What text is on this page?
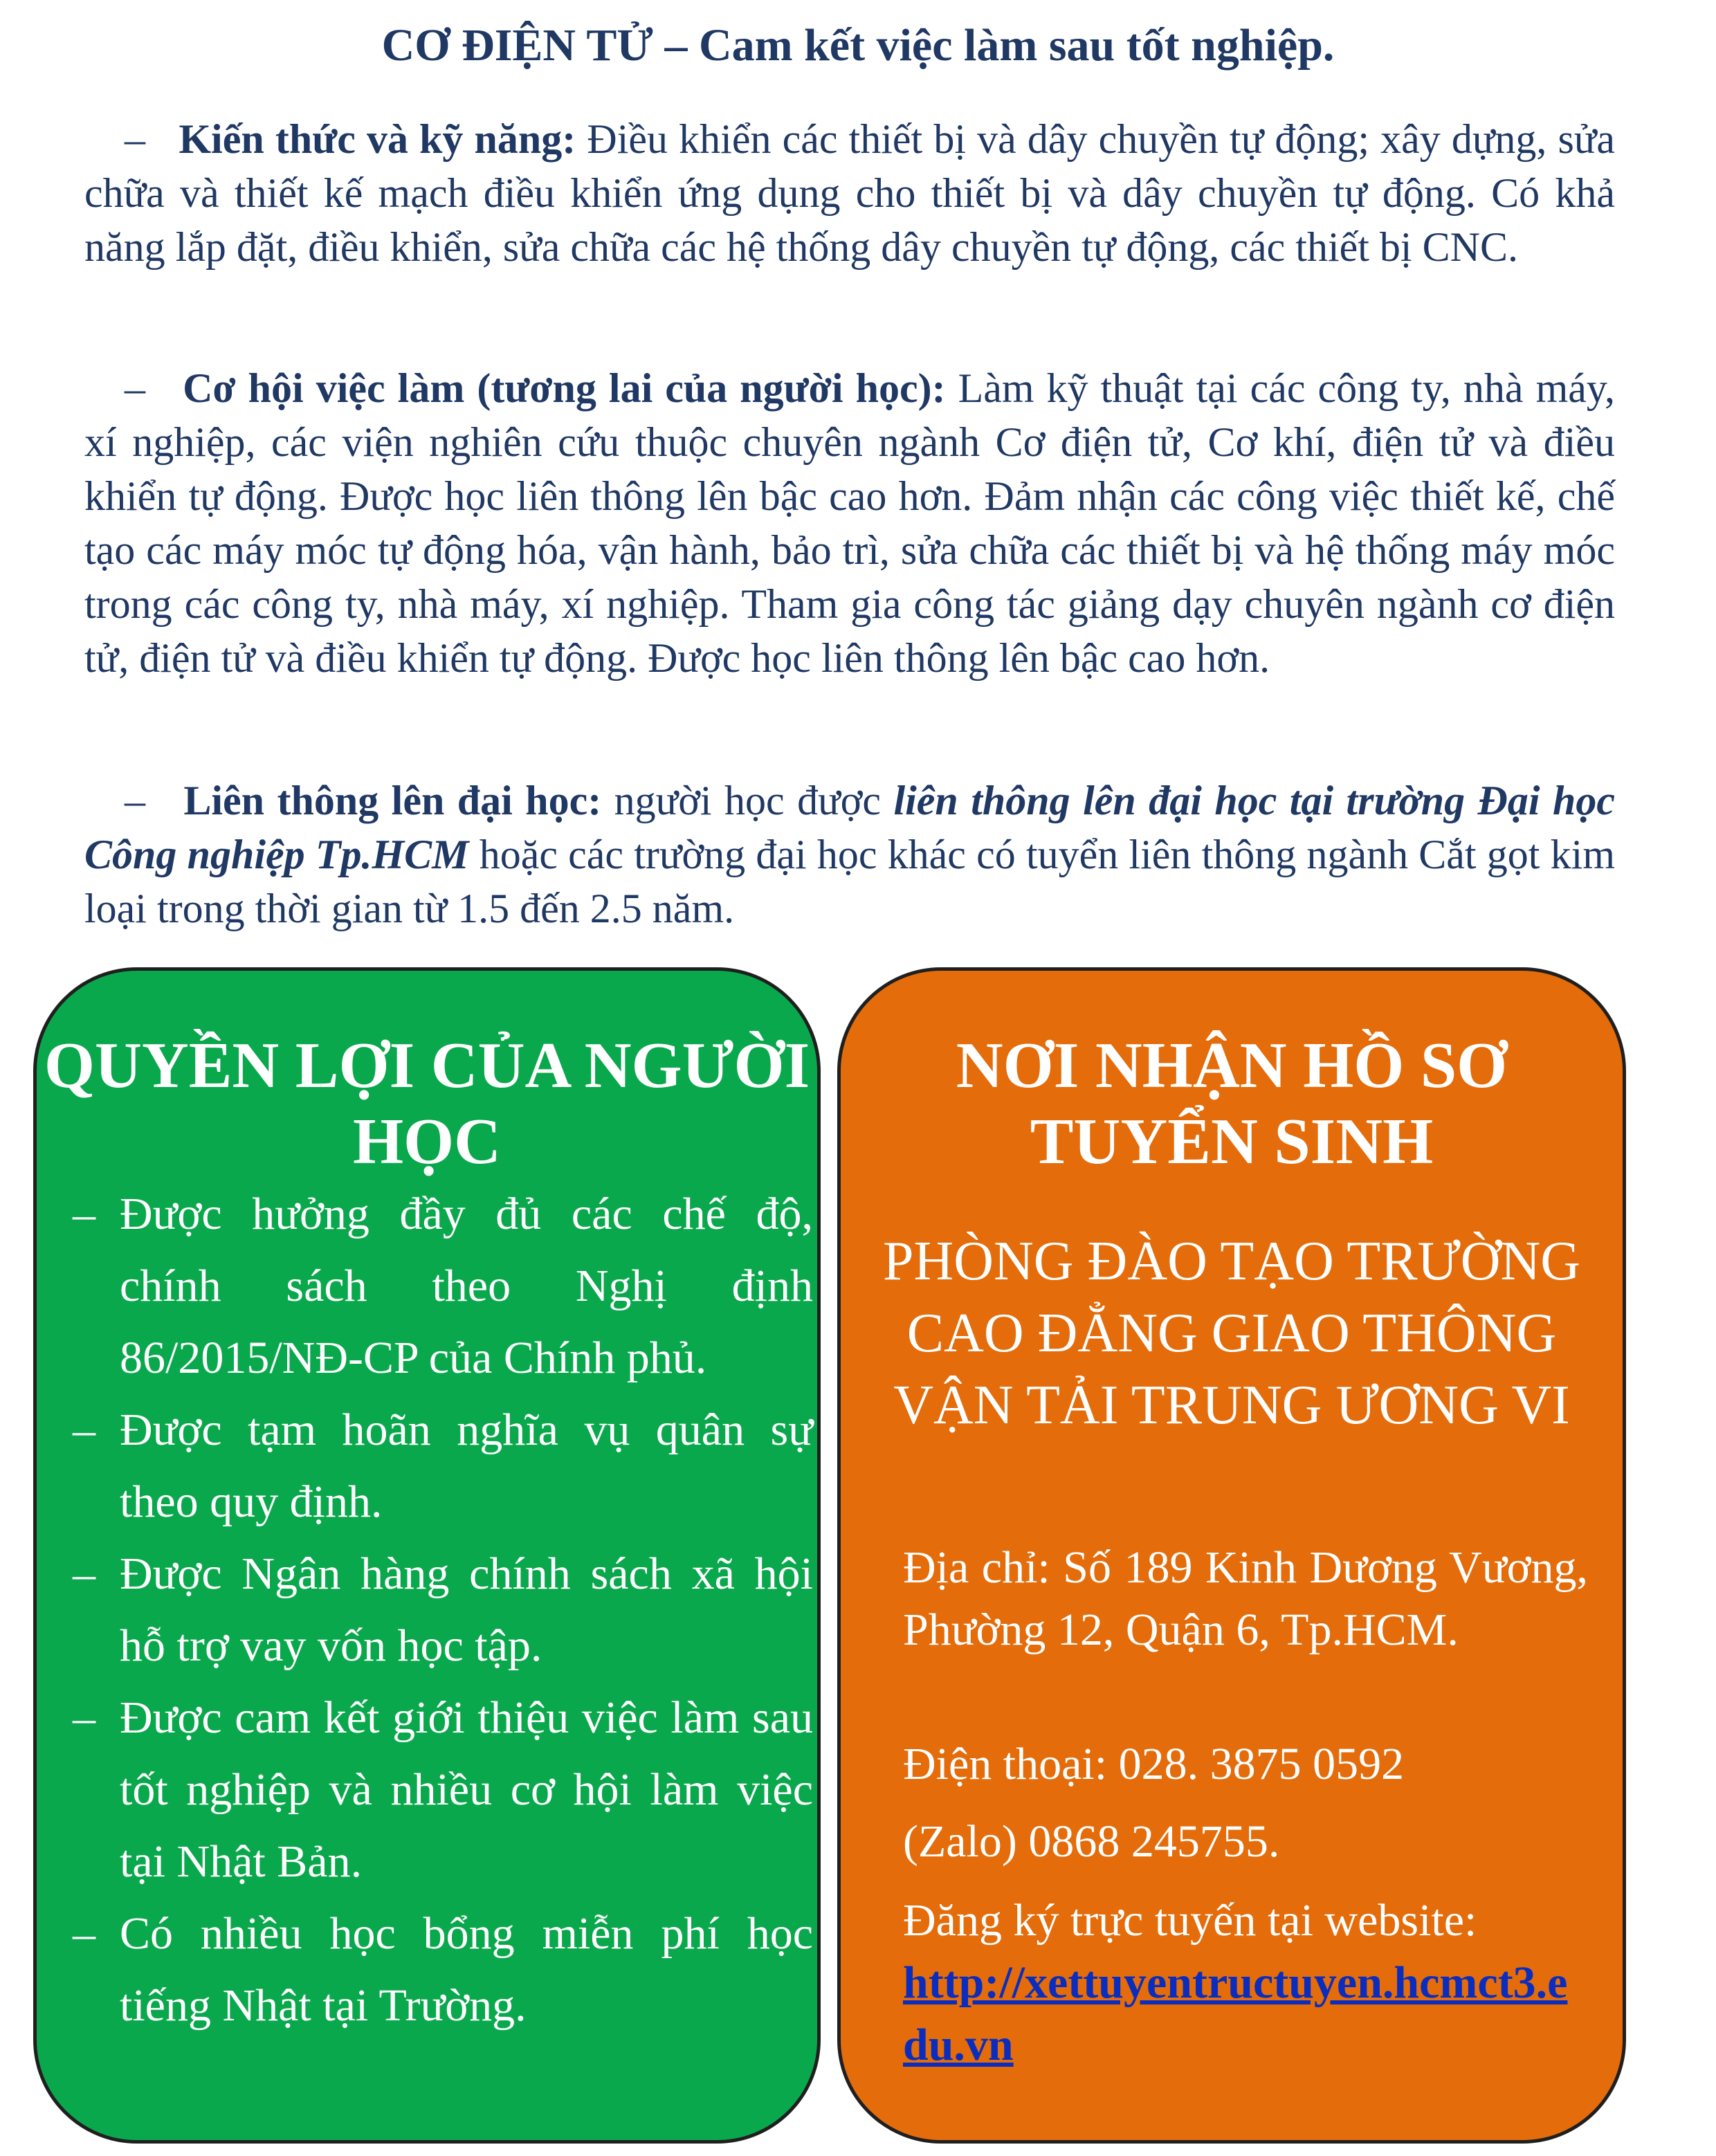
CƠ ĐIỆN TỬ – Cam kết việc làm sau tốt nghiệp.

– Kiến thức và kỹ năng: Điều khiển các thiết bị và dây chuyền tự động; xây dựng, sửa chữa và thiết kế mạch điều khiển ứng dụng cho thiết bị và dây chuyền tự động. Có khả năng lắp đặt, điều khiển, sửa chữa các hệ thống dây chuyền tự động, các thiết bị CNC.

– Cơ hội việc làm (tương lai của người học): Làm kỹ thuật tại các công ty, nhà máy, xí nghiệp, các viện nghiên cứu thuộc chuyên ngành Cơ điện tử, Cơ khí, điện tử và điều khiển tự động. Được học liên thông lên bậc cao hơn. Đảm nhận các công việc thiết kế, chế tạo các máy móc tự động hóa, vận hành, bảo trì, sửa chữa các thiết bị và hệ thống máy móc trong các công ty, nhà máy, xí nghiệp. Tham gia công tác giảng dạy chuyên ngành cơ điện tử, điện tử và điều khiển tự động. Được học liên thông lên bậc cao hơn.

– Liên thông lên đại học: người học được liên thông lên đại học tại trường Đại học Công nghiệp Tp.HCM hoặc các trường đại học khác có tuyển liên thông ngành Cắt gọt kim loại trong thời gian từ 1.5 đến 2.5 năm.

QUYỀN LỢI CỦA NGƯỜI HỌC
– Được hưởng đầy đủ các chế độ, chính sách theo Nghị định 86/2015/NĐ-CP của Chính phủ.
– Được tạm hoãn nghĩa vụ quân sự theo quy định.
– Được Ngân hàng chính sách xã hội hỗ trợ vay vốn học tập.
– Được cam kết giới thiệu việc làm sau tốt nghiệp và nhiều cơ hội làm việc tại Nhật Bản.
– Có nhiều học bổng miễn phí học tiếng Nhật tại Trường.
NƠI NHẬN HỒ SƠ TUYỂN SINH

PHÒNG ĐÀO TẠO TRƯỜNG CAO ĐẲNG GIAO THÔNG VẬN TẢI TRUNG ƯƠNG VI

Địa chỉ: Số 189 Kinh Dương Vương, Phường 12, Quận 6, Tp.HCM.

Điện thoại: 028. 3875 0592

(Zalo) 0868 245755.

Đăng ký trực tuyến tại website:
http://xettuyentructuyen.hcmct3.edu.vn
